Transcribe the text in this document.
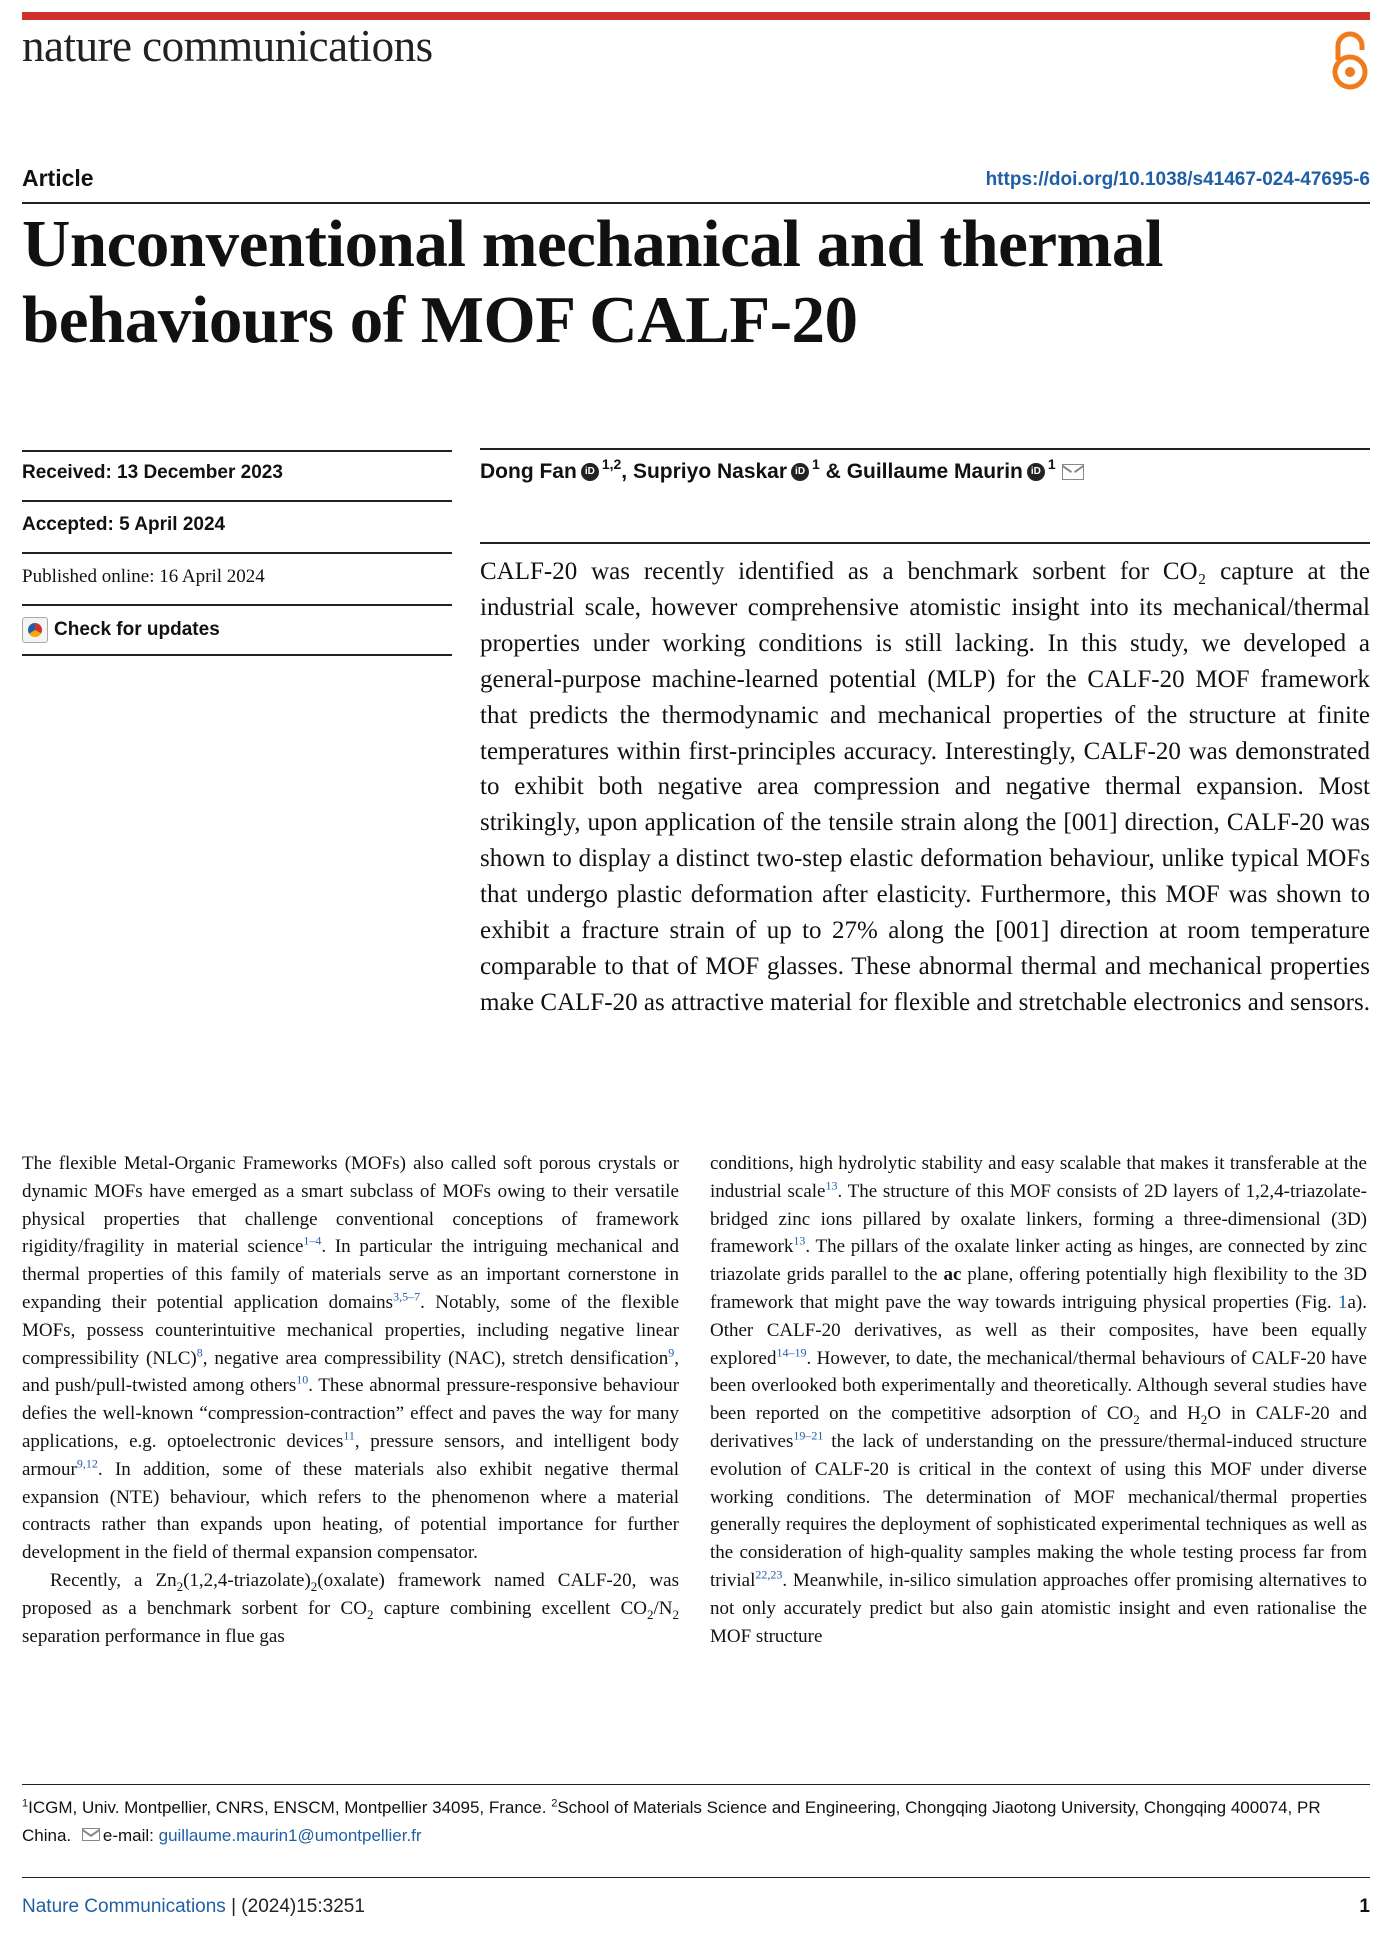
nature communications
Article	https://doi.org/10.1038/s41467-024-47695-6
Unconventional mechanical and thermal behaviours of MOF CALF-20
Received: 13 December 2023
Accepted: 5 April 2024
Published online: 16 April 2024
Check for updates
Dong Fan iD 1,2 , Supriyo Naskar iD 1 & Guillaume Maurin iD 1
CALF-20 was recently identified as a benchmark sorbent for CO₂ capture at the industrial scale, however comprehensive atomistic insight into its mechanical/thermal properties under working conditions is still lacking. In this study, we developed a general-purpose machine-learned potential (MLP) for the CALF-20 MOF framework that predicts the thermodynamic and mechanical properties of the structure at finite temperatures within first-principles accuracy. Interestingly, CALF-20 was demonstrated to exhibit both negative area compression and negative thermal expansion. Most strikingly, upon application of the tensile strain along the [001] direction, CALF-20 was shown to display a distinct two-step elastic deformation behaviour, unlike typical MOFs that undergo plastic deformation after elasticity. Furthermore, this MOF was shown to exhibit a fracture strain of up to 27% along the [001] direction at room temperature comparable to that of MOF glasses. These abnormal thermal and mechanical properties make CALF-20 as attractive material for flexible and stretchable electronics and sensors.

The flexible Metal-Organic Frameworks (MOFs) also called soft porous crystals or dynamic MOFs have emerged as a smart subclass of MOFs owing to their versatile physical properties that challenge conventional conceptions of framework rigidity/fragility in material science$^{1-4}$. In particular the intriguing mechanical and thermal properties of this family of materials serve as an important cornerstone in expanding their potential application domains$^{3,5-7}$. Notably, some of the flexible MOFs, possess counterintuitive mechanical properties, including negative linear compressibility (NLC)$^8$, negative area compressibility (NAC), stretch densification$^9$, and push/pull-twisted among others$^{10}$. These abnormal pressure-responsive behaviour defies the well-known “compression-contraction” effect and paves the way for many applications, e.g. optoelectronic devices$^{11}$, pressure sensors, and intelligent body armour$^{9,12}$. In addition, some of these materials also exhibit negative thermal expansion (NTE) behaviour, which refers to the phenomenon where a material contracts rather than expands upon heating, of potential importance for further development in the field of thermal expansion compensator.

Recently, a $Zn_2(1,2,4-triazolate)_2(oxalate)$ framework named CALF-20, was proposed as a benchmark sorbent for $CO_2$ capture combining excellent $CO_2/N_2$ separation performance in flue gas

conditions, high hydrolytic stability and easy scalable that makes it transferable at the industrial scale$^{13}$. The structure of this MOF consists of 2D layers of 1,2,4-triazolate-bridged zinc ions pillared by oxalate linkers, forming a three-dimensional (3D) framework$^{13}$. The pillars of the oxalate linker acting as hinges, are connected by zinc triazolate grids parallel to the ac plane, offering potentially high flexibility to the 3D framework that might pave the way towards intriguing physical properties (Fig. 1a). Other CALF-20 derivatives, as well as their composites, have been equally explored$^{14-19}$. However, to date, the mechanical/thermal behaviours of CALF-20 have been overlooked both experimentally and theoretically. Although several studies have been reported on the competitive adsorption of $CO_2$ and $H_2O$ in CALF-20 and derivatives$^{19-21}$ the lack of understanding on the pressure/thermal-induced structure evolution of CALF-20 is critical in the context of using this MOF under diverse working conditions. The determination of MOF mechanical/thermal properties generally requires the deployment of sophisticated experimental techniques as well as the consideration of high-quality samples making the whole testing process far from trivial$^{22,23}$. Meanwhile, in-silico simulation approaches offer promising alternatives to not only accurately predict but also gain atomistic insight and even rationalise the MOF structure

$^1$ICGM, Univ. Montpellier, CNRS, ENSCM, Montpellier 34095, France. $^2$School of Materials Science and Engineering, Chongqing Jiaotong University, Chongqing 400074, PR China. e-mail: guillaume.maurin1@umontpellier.fr
Nature Communications | (2024)15:3251	1
